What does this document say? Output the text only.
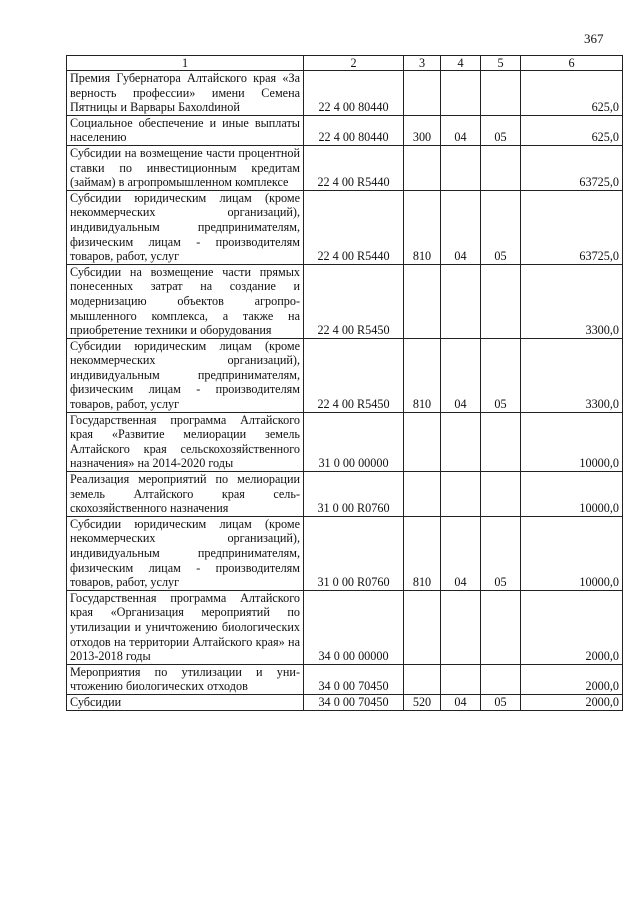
367
1	2	3	4	5	6
Премия Губернатора Алтайского края «За верность профессии» имени Семена Пятницы и Варвары Бахолdиной	22 4 00 80440				625,0
Социальное обеспечение и иные выплаты населению	22 4 00 80440	300	04	05	625,0
Субсидии на возмещение части процентной ставки по инвестиционным кредитам (займам) в агропромышленном комплексе	22 4 00 R5440				63725,0
Субсидии юридическим лицам (кроме некоммерческих организаций), индивидуальным предпринимателям, физическим лицам - производителям товаров, работ, услуг	22 4 00 R5440	810	04	05	63725,0
Субсидии на возмещение части прямых понесенных затрат на создание и модернизацию объектов агропромышленного комплекса, а также на приобретение техники и оборудования	22 4 00 R5450				3300,0
Субсидии юридическим лицам (кроме некоммерческих организаций), индивидуальным предпринимателям, физическим лицам - производителям товаров, работ, услуг	22 4 00 R5450	810	04	05	3300,0
Государственная программа Алтайского края «Развитие мелиорации земель Алтайского края сельскохозяйственного назначения» на 2014-2020 годы	31 0 00 00000				10000,0
Реализация мероприятий по мелиорации земель Алтайского края сельскохозяйственного назначения	31 0 00 R0760				10000,0
Субсидии юридическим лицам (кроме некоммерческих организаций), индивидуальным предпринимателям, физическим лицам - производителям товаров, работ, услуг	31 0 00 R0760	810	04	05	10000,0
Государственная программа Алтайского края «Организация мероприятий по утилизации и уничтожению биологических отходов на территории Алтайского края» на 2013-2018 годы	34 0 00 00000				2000,0
Мероприятия по утилизации и уничтожению биологических отходов	34 0 00 70450				2000,0
Субсидии	34 0 00 70450	520	04	05	2000,0
